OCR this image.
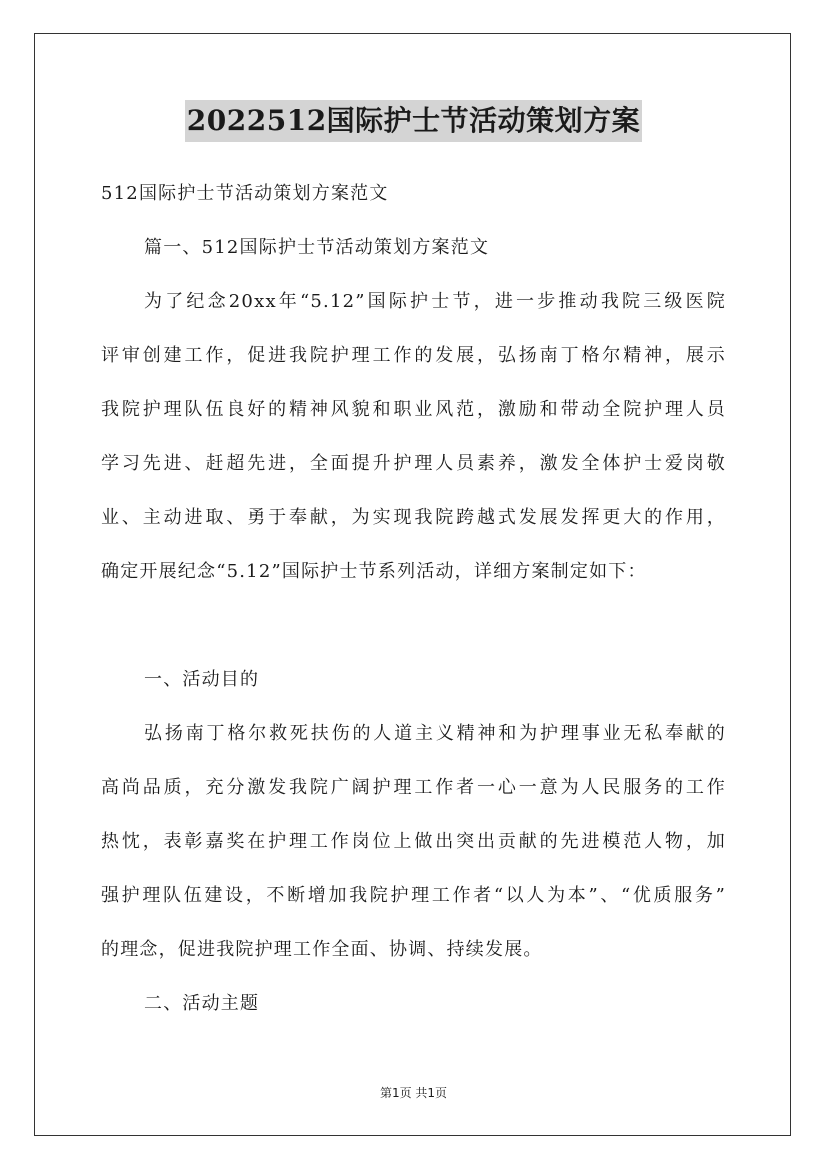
2022512国际护士节活动策划方案
512国际护士节活动策划方案范文
篇一、512国际护士节活动策划方案范文
为了纪念20xx年“5.12”国际护士节，进一步推动我院三级医院
评审创建工作，促进我院护理工作的发展，弘扬南丁格尔精神，展示
我院护理队伍良好的精神风貌和职业风范，激励和带动全院护理人员
学习先进、赶超先进，全面提升护理人员素养，激发全体护士爱岗敬
业、主动进取、勇于奉献，为实现我院跨越式发展发挥更大的作用，
确定开展纪念“5.12”国际护士节系列活动，详细方案制定如下：
一、活动目的
弘扬南丁格尔救死扶伤的人道主义精神和为护理事业无私奉献的
高尚品质，充分激发我院广阔护理工作者一心一意为人民服务的工作
热忱，表彰嘉奖在护理工作岗位上做出突出贡献的先进模范人物，加
强护理队伍建设，不断增加我院护理工作者“以人为本”、“优质服务”
的理念，促进我院护理工作全面、协调、持续发展。
二、活动主题
第1页 共1页
